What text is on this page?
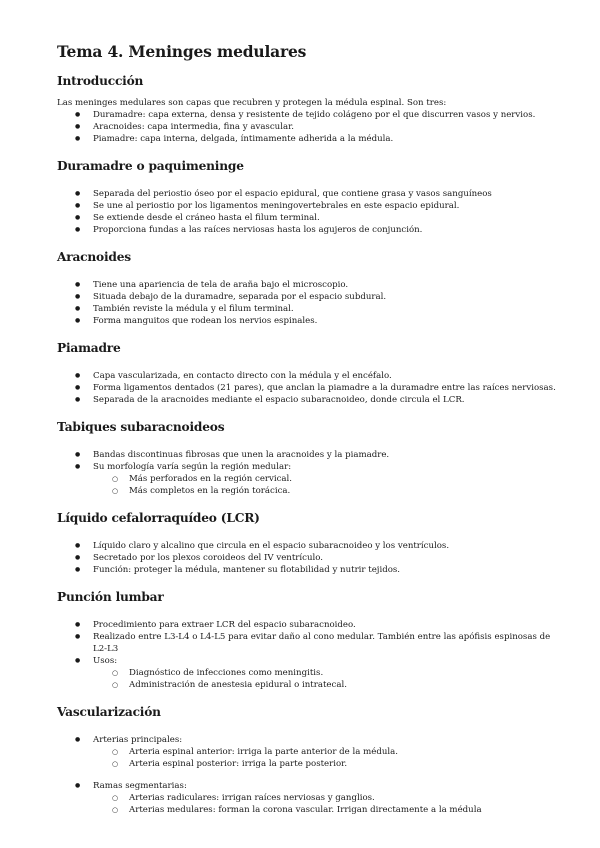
Tema 4. Meninges medulares
Introducción

Las meninges medulares son capas que recubren y protegen la médula espinal. Son tres:

● Duramadre: capa externa, densa y resistente de tejido colágeno por el que discurren vasos y nervios.
● Aracnoides: capa intermedia, fina y avascular.
● Piamadre: capa interna, delgada, íntimamente adherida a la médula.
Duramadre o paquimeninge
● Separada del periostio óseo por el espacio epidural, que contiene grasa y vasos sanguíneos
● Se une al periostio por los ligamentos meningovertebrales en este espacio epidural.
● Se extiende desde el cráneo hasta el filum terminal.
● Proporciona fundas a las raíces nerviosas hasta los agujeros de conjunción.
Aracnoides
● Tiene una apariencia de tela de araña bajo el microscopio.
● Situada debajo de la duramadre, separada por el espacio subdural.
● También reviste la médula y el filum terminal.
● Forma manguitos que rodean los nervios espinales.
Piamadre
● Capa vascularizada, en contacto directo con la médula y el encéfalo.
● Forma ligamentos dentados (21 pares), que anclan la piamadre a la duramadre entre las raíces nerviosas.
● Separada de la aracnoides mediante el espacio subaracnoideo, donde circula el LCR.
Tabiques subaracnoideos
● Bandas discontinuas fibrosas que unen la aracnoides y la piamadre.
● Su morfología varía según la región medular:
○ Más perforados en la región cervical.
○ Más completos en la región torácica.
Líquido cefalorraquídeo (LCR)
● Líquido claro y alcalino que circula en el espacio subaracnoideo y los ventrículos.
● Secretado por los plexos coroideos del IV ventrículo.
● Función: proteger la médula, mantener su flotabilidad y nutrir tejidos.
Punción lumbar
● Procedimiento para extraer LCR del espacio subaracnoideo.
● Realizado entre L3-L4 o L4-L5 para evitar daño al cono medular. También entre las apófisis espinosas de L2-L3
● Usos:
○ Diagnóstico de infecciones como meningitis.
○ Administración de anestesia epidural o intratecal.
Vascularización
● Arterias principales:
○ Arteria espinal anterior: irriga la parte anterior de la médula.
○ Arteria espinal posterior: irriga la parte posterior.
● Ramas segmentarias:
○ Arterias radiculares: irrigan raíces nerviosas y ganglios.
○ Arterias medulares: forman la corona vascular. Irrigan directamente a la médula
